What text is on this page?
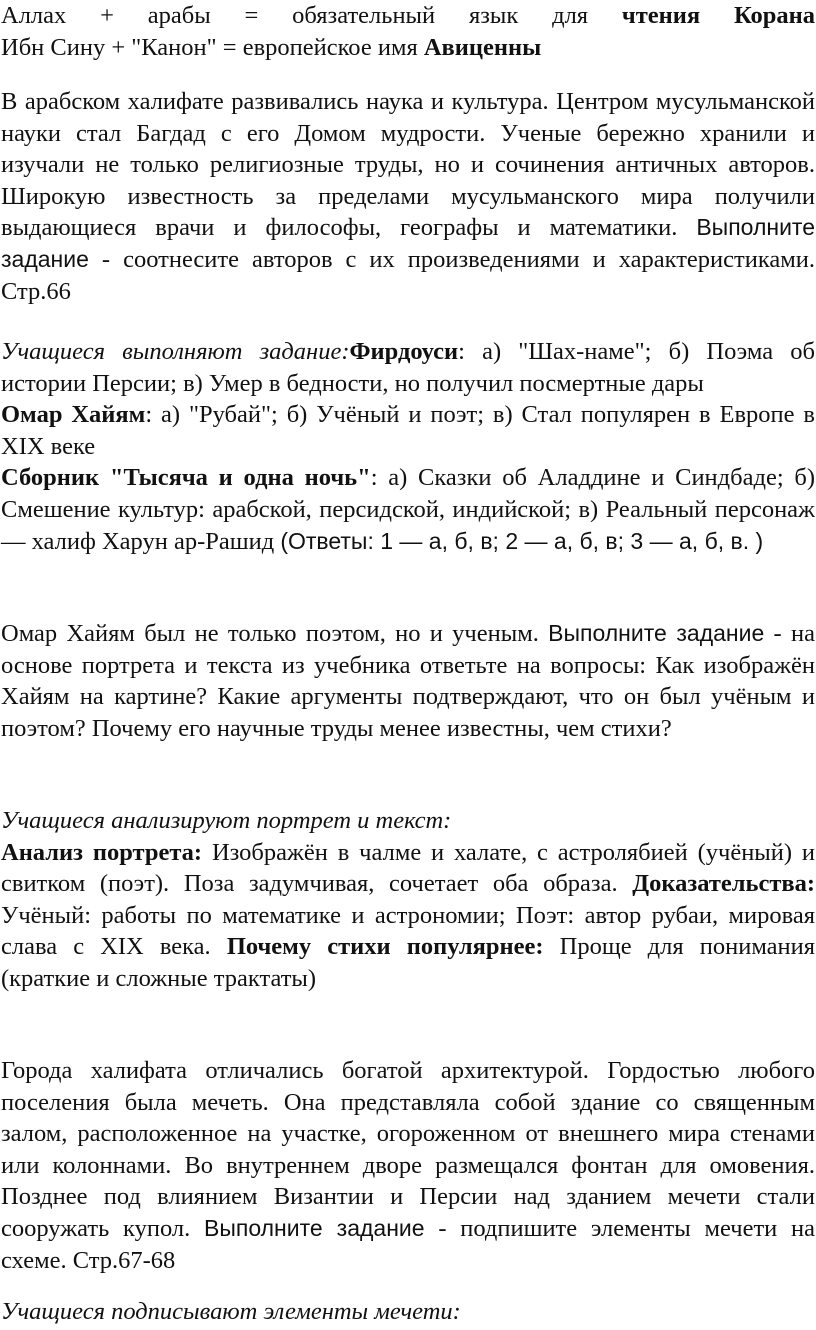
Аллах + арабы = обязательный язык для чтения Корана

Ибн Сину + "Канон" = европейское имя Авиценны

В арабском халифате развивались наука и культура. Центром мусульманской науки стал Багдад с его Домом мудрости. Ученые бережно хранили и изучали не только религиозные труды, но и сочинения античных авторов. Широкую известность за пределами мусульманского мира получили выдающиеся врачи и философы, географы и математики. Выполните задание - соотнесите авторов с их произведениями и характеристиками. Стр.66

Учащиеся выполняют задание:Фирдоуси: а) "Шах-наме"; б) Поэма об истории Персии; в) Умер в бедности, но получил посмертные дары

Омар Хайям: а) "Рубай"; б) Учёный и поэт; в) Стал популярен в Европе в XIX веке

Сборник "Тысяча и одна ночь": а) Сказки об Аладдине и Синдбаде; б) Смешение культур: арабской, персидской, индийской; в) Реальный персонаж — халиф Харун ар-Рашид (Ответы: 1 — а, б, в; 2 — а, б, в; 3 — а, б, в. )

Омар Хайям был не только поэтом, но и ученым. Выполните задание - на основе портрета и текста из учебника ответьте на вопросы: Как изображён Хайям на картине? Какие аргументы подтверждают, что он был учёным и поэтом? Почему его научные труды менее известны, чем стихи?

Учащиеся анализируют портрет и текст:

Анализ портрета: Изображён в чалме и халате, с астролябией (учёный) и свитком (поэт). Поза задумчивая, сочетает оба образа. Доказательства: Учёный: работы по математике и астрономии; Поэт: автор рубаи, мировая слава с XIX века. Почему стихи популярнее: Проще для понимания (краткие и сложные трактаты)

Города халифата отличались богатой архитектурой. Гордостью любого поселения была мечеть. Она представляла собой здание со священным залом, расположенное на участке, огороженном от внешнего мира стенами или колоннами. Во внутреннем дворе размещался фонтан для омовения. Позднее под влиянием Византии и Персии над зданием мечети стали сооружать купол. Выполните задание - подпишите элементы мечети на схеме. Стр.67-68

Учащиеся подписывают элементы мечети:
